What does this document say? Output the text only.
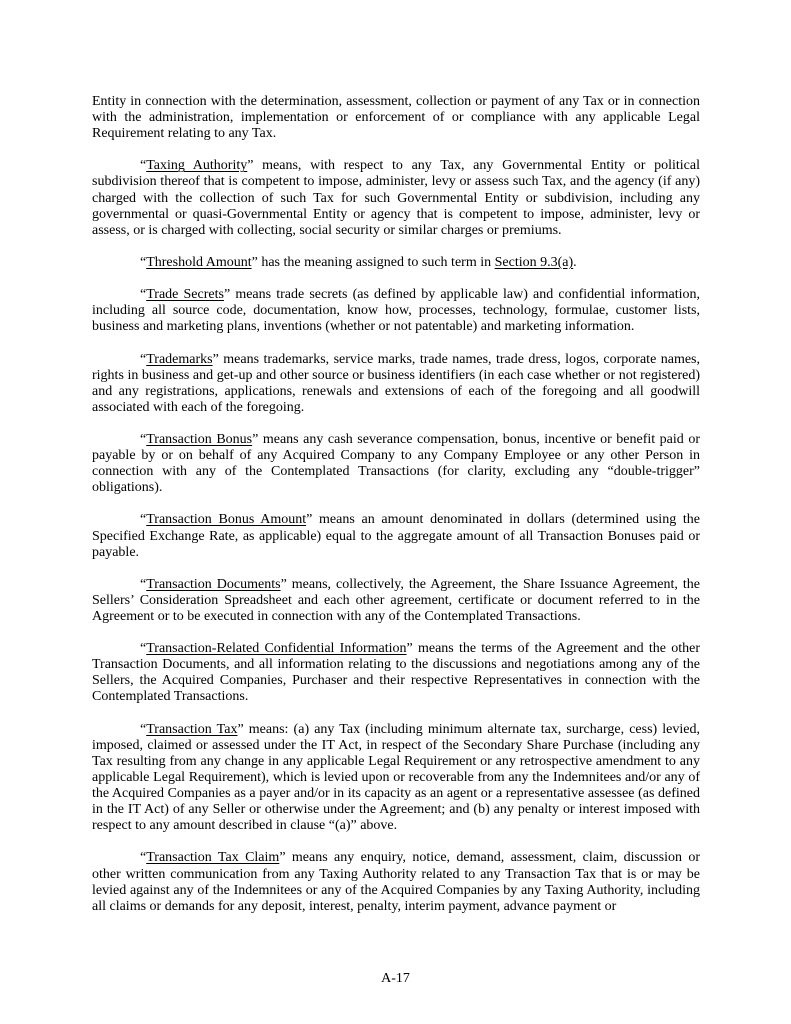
Entity in connection with the determination, assessment, collection or payment of any Tax or in connection with the administration, implementation or enforcement of or compliance with any applicable Legal Requirement relating to any Tax.

“Taxing Authority” means, with respect to any Tax, any Governmental Entity or political subdivision thereof that is competent to impose, administer, levy or assess such Tax, and the agency (if any) charged with the collection of such Tax for such Governmental Entity or subdivision, including any governmental or quasi-Governmental Entity or agency that is competent to impose, administer, levy or assess, or is charged with collecting, social security or similar charges or premiums.

“Threshold Amount” has the meaning assigned to such term in Section 9.3(a).

“Trade Secrets” means trade secrets (as defined by applicable law) and confidential information, including all source code, documentation, know how, processes, technology, formulae, customer lists, business and marketing plans, inventions (whether or not patentable) and marketing information.

“Trademarks” means trademarks, service marks, trade names, trade dress, logos, corporate names, rights in business and get-up and other source or business identifiers (in each case whether or not registered) and any registrations, applications, renewals and extensions of each of the foregoing and all goodwill associated with each of the foregoing.

“Transaction Bonus” means any cash severance compensation, bonus, incentive or benefit paid or payable by or on behalf of any Acquired Company to any Company Employee or any other Person in connection with any of the Contemplated Transactions (for clarity, excluding any “double-trigger” obligations).

“Transaction Bonus Amount” means an amount denominated in dollars (determined using the Specified Exchange Rate, as applicable) equal to the aggregate amount of all Transaction Bonuses paid or payable.

“Transaction Documents” means, collectively, the Agreement, the Share Issuance Agreement, the Sellers’ Consideration Spreadsheet and each other agreement, certificate or document referred to in the Agreement or to be executed in connection with any of the Contemplated Transactions.

“Transaction-Related Confidential Information” means the terms of the Agreement and the other Transaction Documents, and all information relating to the discussions and negotiations among any of the Sellers, the Acquired Companies, Purchaser and their respective Representatives in connection with the Contemplated Transactions.

“Transaction Tax” means: (a) any Tax (including minimum alternate tax, surcharge, cess) levied, imposed, claimed or assessed under the IT Act, in respect of the Secondary Share Purchase (including any Tax resulting from any change in any applicable Legal Requirement or any retrospective amendment to any applicable Legal Requirement), which is levied upon or recoverable from any the Indemnitees and/or any of the Acquired Companies as a payer and/or in its capacity as an agent or a representative assessee (as defined in the IT Act) of any Seller or otherwise under the Agreement; and (b) any penalty or interest imposed with respect to any amount described in clause “(a)” above.

“Transaction Tax Claim” means any enquiry, notice, demand, assessment, claim, discussion or other written communication from any Taxing Authority related to any Transaction Tax that is or may be levied against any of the Indemnitees or any of the Acquired Companies by any Taxing Authority, including all claims or demands for any deposit, interest, penalty, interim payment, advance payment or

A-17
